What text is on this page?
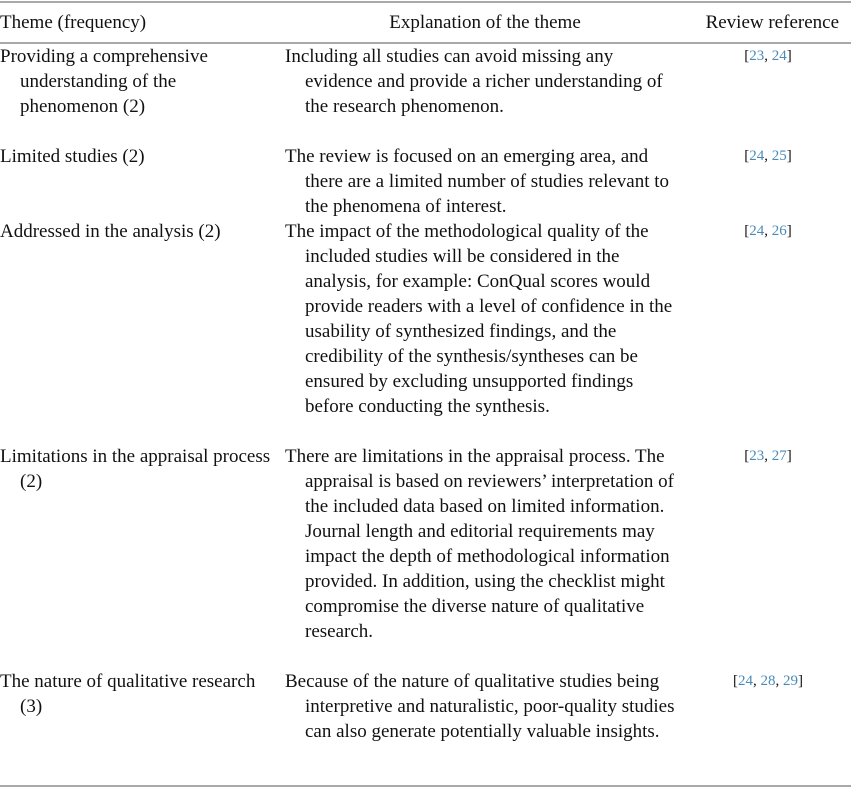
Theme (frequency)	Explanation of the theme	Review reference

Providing a comprehensive understanding of the phenomenon (2)	Including all studies can avoid missing any evidence and provide a richer understanding of the research phenomenon.	[23, 24]

Limited studies (2)	The review is focused on an emerging area, and there are a limited number of studies relevant to the phenomena of interest.	[24, 25]

Addressed in the analysis (2)	The impact of the methodological quality of the included studies will be considered in the analysis, for example: ConQual scores would provide readers with a level of confidence in the usability of synthesized findings, and the credibility of the synthesis/syntheses can be ensured by excluding unsupported findings before conducting the synthesis.	[24, 26]

Limitations in the appraisal process (2)	There are limitations in the appraisal process. The appraisal is based on reviewers’ interpretation of the included data based on limited information. Journal length and editorial requirements may impact the depth of methodological information provided. In addition, using the checklist might compromise the diverse nature of qualitative research.	[23, 27]

The nature of qualitative research (3)	Because of the nature of qualitative studies being interpretive and naturalistic, poor-quality studies can also generate potentially valuable insights.	[24, 28, 29]
